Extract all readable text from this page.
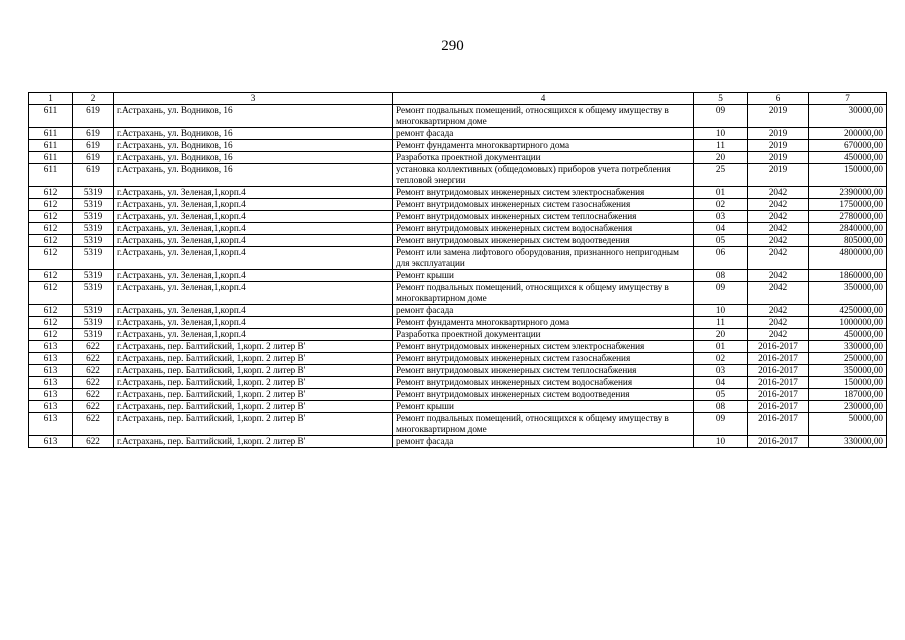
290
1	2	3	4	5	6	7
611	619	г.Астрахань, ул. Водников, 16	Ремонт подвальных помещений, относящихся к общему имуществу в многоквартирном доме	09	2019	30000,00
611	619	г.Астрахань, ул. Водников, 16	ремонт фасада	10	2019	200000,00
611	619	г.Астрахань, ул. Водников, 16	Ремонт фундамента многоквартирного дома	11	2019	670000,00
611	619	г.Астрахань, ул. Водников, 16	Разработка проектной документации	20	2019	450000,00
611	619	г.Астрахань, ул. Водников, 16	установка коллективных (общедомовых) приборов учета потребления тепловой энергии	25	2019	150000,00
612	5319	г.Астрахань, ул. Зеленая,1,корп.4	Ремонт внутридомовых инженерных систем электроснабжения	01	2042	2390000,00
612	5319	г.Астрахань, ул. Зеленая,1,корп.4	Ремонт внутридомовых инженерных систем газоснабжения	02	2042	1750000,00
612	5319	г.Астрахань, ул. Зеленая,1,корп.4	Ремонт внутридомовых инженерных систем теплоснабжения	03	2042	2780000,00
612	5319	г.Астрахань, ул. Зеленая,1,корп.4	Ремонт внутридомовых инженерных систем водоснабжения	04	2042	2840000,00
612	5319	г.Астрахань, ул. Зеленая,1,корп.4	Ремонт внутридомовых инженерных систем водоотведения	05	2042	805000,00
612	5319	г.Астрахань, ул. Зеленая,1,корп.4	Ремонт или замена лифтового оборудования, признанного непригодным для эксплуатации	06	2042	4800000,00
612	5319	г.Астрахань, ул. Зеленая,1,корп.4	Ремонт крыши	08	2042	1860000,00
612	5319	г.Астрахань, ул. Зеленая,1,корп.4	Ремонт подвальных помещений, относящихся к общему имуществу в многоквартирном доме	09	2042	350000,00
612	5319	г.Астрахань, ул. Зеленая,1,корп.4	ремонт фасада	10	2042	4250000,00
612	5319	г.Астрахань, ул. Зеленая,1,корп.4	Ремонт фундамента многоквартирного дома	11	2042	1000000,00
612	5319	г.Астрахань, ул. Зеленая,1,корп.4	Разработка проектной документации	20	2042	450000,00
613	622	г.Астрахань, пер. Балтийский, 1,корп. 2 литер В'	Ремонт внутридомовых инженерных систем электроснабжения	01	2016-2017	330000,00
613	622	г.Астрахань, пер. Балтийский, 1,корп. 2 литер В'	Ремонт внутридомовых инженерных систем газоснабжения	02	2016-2017	250000,00
613	622	г.Астрахань, пер. Балтийский, 1,корп. 2 литер В'	Ремонт внутридомовых инженерных систем теплоснабжения	03	2016-2017	350000,00
613	622	г.Астрахань, пер. Балтийский, 1,корп. 2 литер В'	Ремонт внутридомовых инженерных систем водоснабжения	04	2016-2017	150000,00
613	622	г.Астрахань, пер. Балтийский, 1,корп. 2 литер В'	Ремонт внутридомовых инженерных систем водоотведения	05	2016-2017	187000,00
613	622	г.Астрахань, пер. Балтийский, 1,корп. 2 литер В'	Ремонт крыши	08	2016-2017	230000,00
613	622	г.Астрахань, пер. Балтийский, 1,корп. 2 литер В'	Ремонт подвальных помещений, относящихся к общему имуществу в многоквартирном доме	09	2016-2017	50000,00
613	622	г.Астрахань, пер. Балтийский, 1,корп. 2 литер В'	ремонт фасада	10	2016-2017	330000,00
